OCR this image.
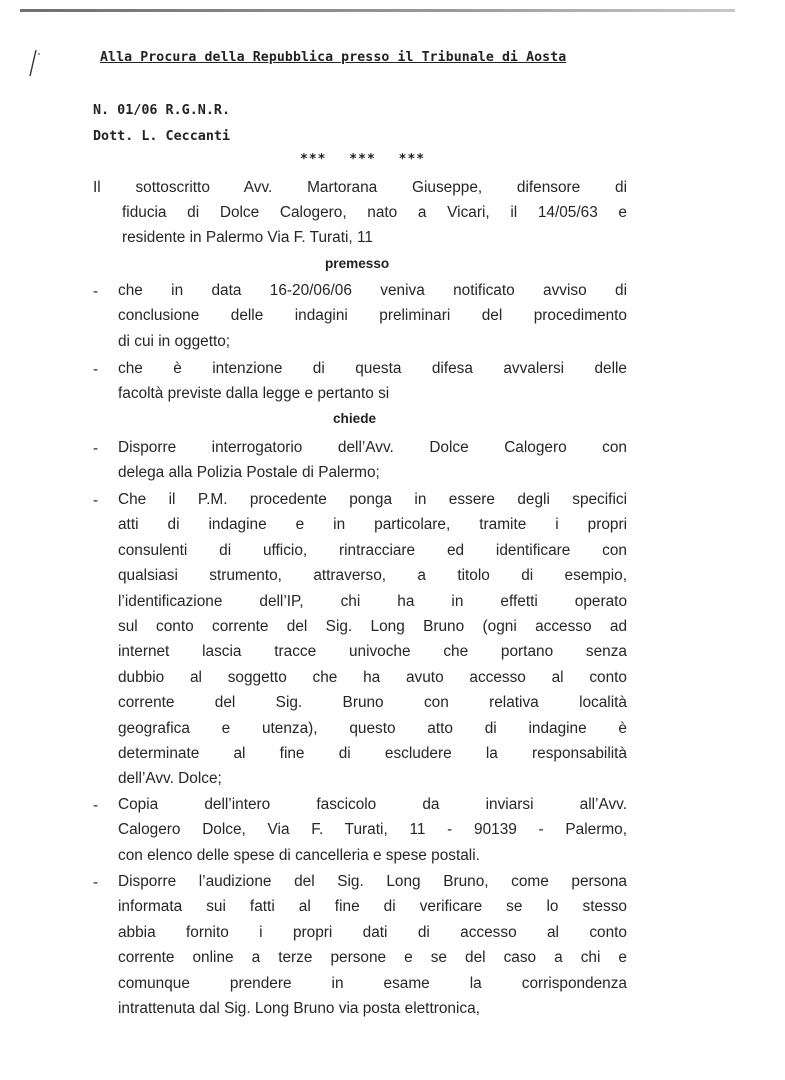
Alla Procura della Repubblica presso il Tribunale di Aosta
N. 01/06 R.G.N.R.
Dott. L. Ceccanti
*** *** ***
Il sottoscritto Avv. Martorana Giuseppe, difensore di
fiducia di Dolce Calogero, nato a Vicari, il 14/05/63 e
residente in Palermo Via F. Turati, 11
premesso
- che in data 16-20/06/06 veniva notificato avviso di
conclusione delle indagini preliminari del procedimento
di cui in oggetto;
- che è intenzione di questa difesa avvalersi delle
facoltà previste dalla legge e pertanto si
chiede
- Disporre interrogatorio dell’Avv. Dolce Calogero con
delega alla Polizia Postale di Palermo;
- Che il P.M. procedente ponga in essere degli specifici
atti di indagine e in particolare, tramite i propri
consulenti di ufficio, rintracciare ed identificare con
qualsiasi strumento, attraverso, a titolo di esempio,
l’identificazione dell’IP, chi ha in effetti operato
sul conto corrente del Sig. Long Bruno (ogni accesso ad
internet lascia tracce univoche che portano senza
dubbio al soggetto che ha avuto accesso al conto
corrente del Sig. Bruno con relativa località
geografica e utenza), questo atto di indagine è
determinate al fine di escludere la responsabilità
dell’Avv. Dolce;
- Copia dell’intero fascicolo da inviarsi all’Avv.
Calogero Dolce, Via F. Turati, 11 - 90139 - Palermo,
con elenco delle spese di cancelleria e spese postali.
- Disporre l’audizione del Sig. Long Bruno, come persona
informata sui fatti al fine di verificare se lo stesso
abbia fornito i propri dati di accesso al conto
corrente online a terze persone e se del caso a chi e
comunque prendere in esame la corrispondenza
intrattenuta dal Sig. Long Bruno via posta elettronica,
